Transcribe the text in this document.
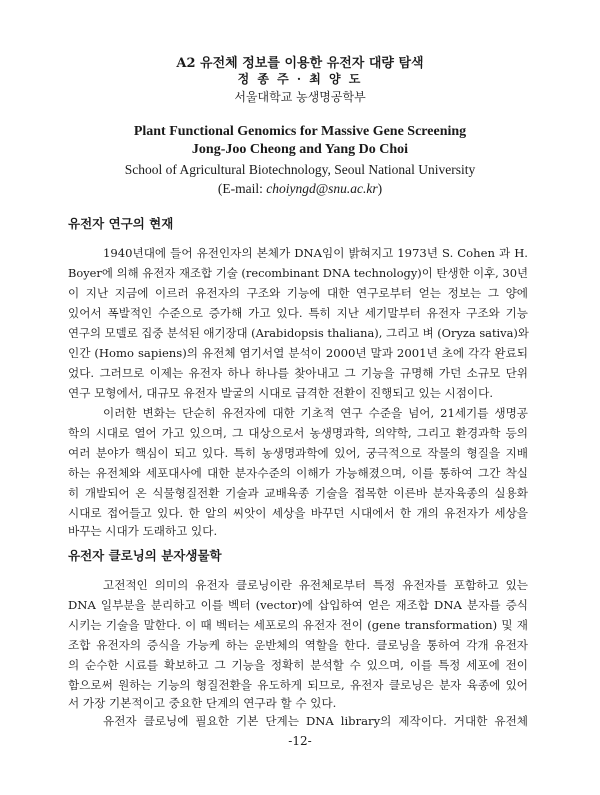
A2 유전체 정보를 이용한 유전자 대량 탐색
정 종 주 · 최 양 도
서울대학교 농생명공학부
Plant Functional Genomics for Massive Gene Screening
Jong-Joo Cheong and Yang Do Choi
School of Agricultural Biotechnology, Seoul National University
(E-mail: choiyngd@snu.ac.kr)
유전자 연구의 현재
1940년대에 들어 유전인자의 본체가 DNA임이 밝혀지고 1973년 S. Cohen 과 H.
Boyer에 의해 유전자 재조합 기술 (recombinant DNA technology)이 탄생한 이후, 30년
이 지난 지금에 이르러 유전자의 구조와 기능에 대한 연구로부터 얻는 정보는 그 양에
있어서 폭발적인 수준으로 증가해 가고 있다. 특히 지난 세기말부터 유전자 구조와 기능
연구의 모델로 집중 분석된 애기장대 (Arabidopsis thaliana), 그리고 벼 (Oryza sativa)와
인간 (Homo sapiens)의 유전체 염기서열 분석이 2000년 말과 2001년 초에 각각 완료되
었다. 그러므로 이제는 유전자 하나 하나를 찾아내고 그 기능을 규명해 가던 소규모 단위
연구 모형에서, 대규모 유전자 발굴의 시대로 급격한 전환이 진행되고 있는 시점이다.
이러한 변화는 단순히 유전자에 대한 기초적 연구 수준을 넘어, 21세기를 생명공
학의 시대로 열어 가고 있으며, 그 대상으로서 농생명과학, 의약학, 그리고 환경과학 등의
여러 분야가 핵심이 되고 있다. 특히 농생명과학에 있어, 궁극적으로 작물의 형질을 지배
하는 유전체와 세포대사에 대한 분자수준의 이해가 가능해졌으며, 이를 통하여 그간 착실
히 개발되어 온 식물형질전환 기술과 교배육종 기술을 접목한 이른바 분자육종의 실용화
시대로 접어들고 있다. 한 알의 씨앗이 세상을 바꾸던 시대에서 한 개의 유전자가 세상을
바꾸는 시대가 도래하고 있다.
유전자 클로닝의 분자생물학
고전적인 의미의 유전자 클로닝이란 유전체로부터 특정 유전자를 포함하고 있는
DNA 일부분을 분리하고 이를 벡터 (vector)에 삽입하여 얻은 재조합 DNA 분자를 증식
시키는 기술을 말한다. 이 때 벡터는 세포로의 유전자 전이 (gene transformation) 및 재
조합 유전자의 증식을 가능케 하는 운반체의 역할을 한다. 클로닝을 통하여 각개 유전자
의 순수한 시료를 확보하고 그 기능을 정확히 분석할 수 있으며, 이를 특정 세포에 전이
함으로써 원하는 기능의 형질전환을 유도하게 되므로, 유전자 클로닝은 분자 육종에 있어
서 가장 기본적이고 중요한 단계의 연구라 할 수 있다.
유전자 클로닝에 필요한 기본 단계는 DNA library의 제작이다. 거대한 유전체
-12-
